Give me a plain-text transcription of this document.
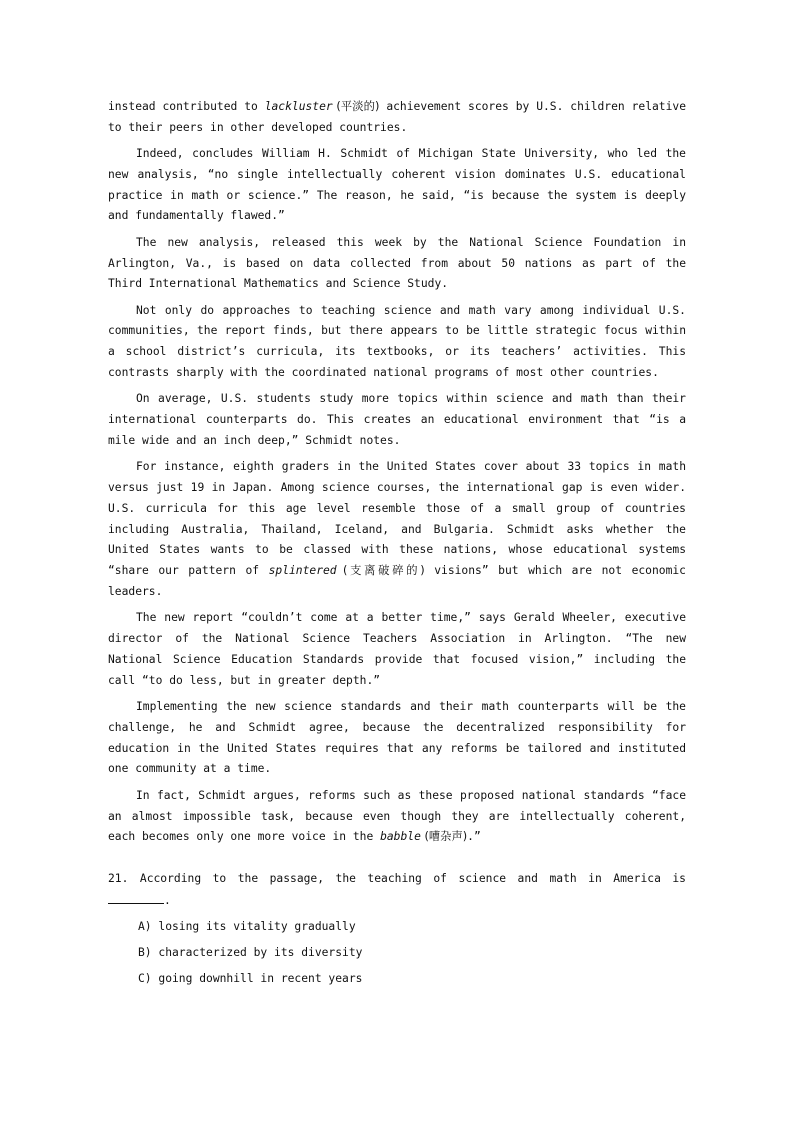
instead contributed to lackluster (平淡的) achievement scores by U.S. children relative to their peers in other developed countries.

Indeed, concludes William H. Schmidt of Michigan State University, who led the new analysis, “no single intellectually coherent vision dominates U.S. educational practice in math or science.” The reason, he said, “is because the system is deeply and fundamentally flawed.”

The new analysis, released this week by the National Science Foundation in Arlington, Va., is based on data collected from about 50 nations as part of the Third International Mathematics and Science Study.

Not only do approaches to teaching science and math vary among individual U.S. communities, the report finds, but there appears to be little strategic focus within a school district’s curricula, its textbooks, or its teachers’ activities. This contrasts sharply with the coordinated national programs of most other countries.

On average, U.S. students study more topics within science and math than their international counterparts do. This creates an educational environment that “is a mile wide and an inch deep,” Schmidt notes.

For instance, eighth graders in the United States cover about 33 topics in math versus just 19 in Japan. Among science courses, the international gap is even wider. U.S. curricula for this age level resemble those of a small group of countries including Australia, Thailand, Iceland, and Bulgaria. Schmidt asks whether the United States wants to be classed with these nations, whose educational systems “share our pattern of splintered (支离破碎的) visions” but which are not economic leaders.

The new report “couldn’t come at a better time,” says Gerald Wheeler, executive director of the National Science Teachers Association in Arlington. “The new National Science Education Standards provide that focused vision,” including the call “to do less, but in greater depth.”

Implementing the new science standards and their math counterparts will be the challenge, he and Schmidt agree, because the decentralized responsibility for education in the United States requires that any reforms be tailored and instituted one community at a time.

In fact, Schmidt argues, reforms such as these proposed national standards “face an almost impossible task, because even though they are intellectually coherent, each becomes only one more voice in the babble (嘈杂声).”

21. According to the passage, the teaching of science and math in America is .

A) losing its vitality gradually
B) characterized by its diversity
C) going downhill in recent years
